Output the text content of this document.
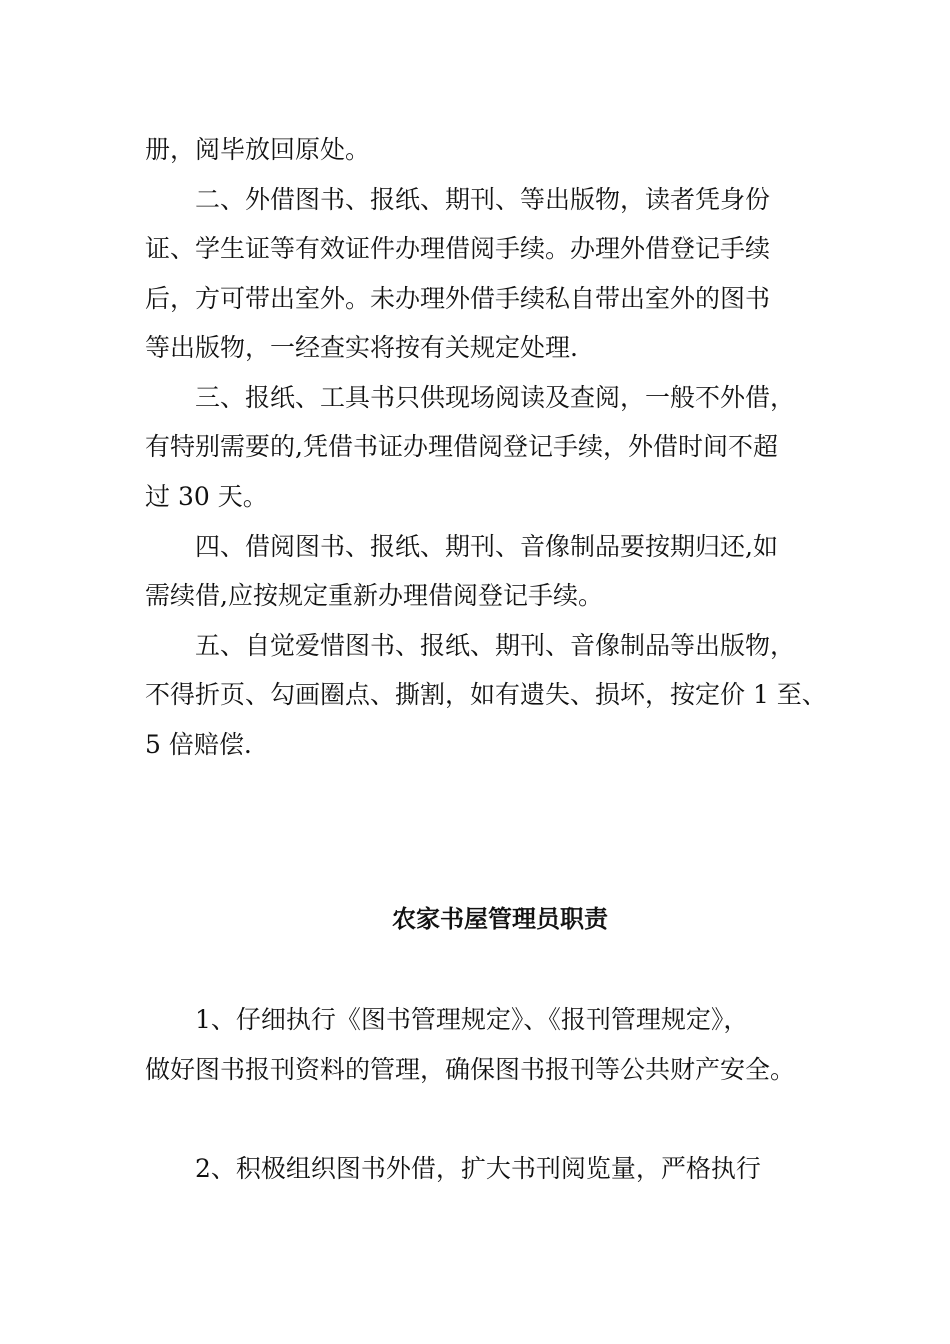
册，阅毕放回原处。
二、外借图书、报纸、期刊、等出版物，读者凭身份
证、学生证等有效证件办理借阅手续。办理外借登记手续
后，方可带出室外。未办理外借手续私自带出室外的图书
等出版物，一经查实将按有关规定处理.
三、报纸、工具书只供现场阅读及查阅，一般不外借，
有特别需要的,凭借书证办理借阅登记手续，外借时间不超
过 30 天。
四、借阅图书、报纸、期刊、音像制品要按期归还,如
需续借,应按规定重新办理借阅登记手续。
五、自觉爱惜图书、报纸、期刊、音像制品等出版物，
不得折页、勾画圈点、撕割，如有遗失、损坏，按定价 1 至、
5 倍赔偿.
农家书屋管理员职责
1、仔细执行《图书管理规定》、《报刊管理规定》，
做好图书报刊资料的管理，确保图书报刊等公共财产安全。
2、积极组织图书外借，扩大书刊阅览量，严格执行
